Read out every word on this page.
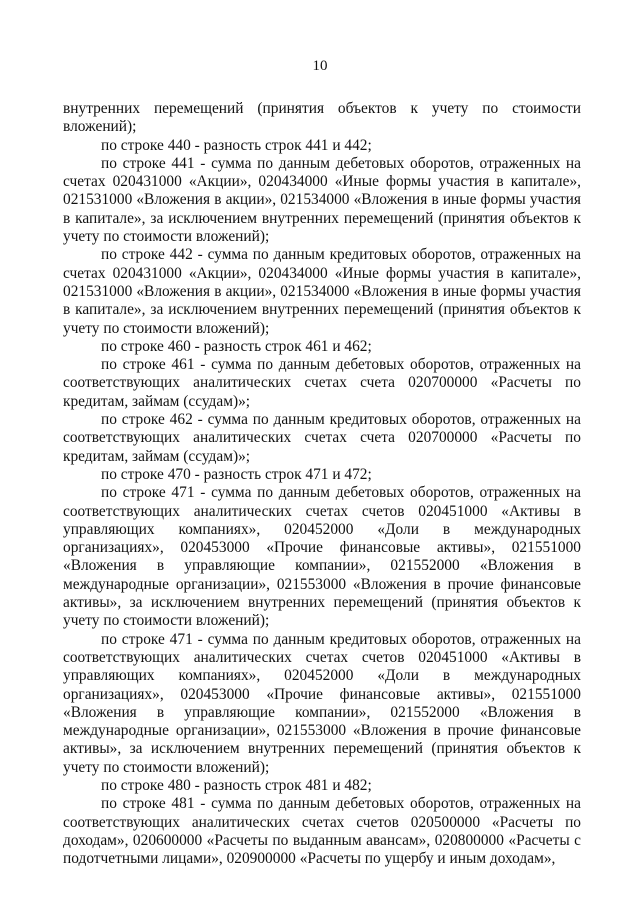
10

внутренних перемещений (принятия объектов к учету по стоимости вложений);

по строке 440 - разность строк 441 и 442;

по строке 441 - сумма по данным дебетовых оборотов, отраженных на счетах 020431000 «Акции», 020434000 «Иные формы участия в капитале», 021531000 «Вложения в акции», 021534000 «Вложения в иные формы участия в капитале», за исключением внутренних перемещений (принятия объектов к учету по стоимости вложений);

по строке 442 - сумма по данным кредитовых оборотов, отраженных на счетах 020431000 «Акции», 020434000 «Иные формы участия в капитале», 021531000 «Вложения в акции», 021534000 «Вложения в иные формы участия в капитале», за исключением внутренних перемещений (принятия объектов к учету по стоимости вложений);

по строке 460 - разность строк 461 и 462;

по строке 461 - сумма по данным дебетовых оборотов, отраженных на соответствующих аналитических счетах счета 020700000 «Расчеты по кредитам, займам (ссудам)»;

по строке 462 - сумма по данным кредитовых оборотов, отраженных на соответствующих аналитических счетах счета 020700000 «Расчеты по кредитам, займам (ссудам)»;

по строке 470 - разность строк 471 и 472;

по строке 471 - сумма по данным дебетовых оборотов, отраженных на соответствующих аналитических счетах счетов 020451000 «Активы в управляющих компаниях», 020452000 «Доли в международных организациях», 020453000 «Прочие финансовые активы», 021551000 «Вложения в управляющие компании», 021552000 «Вложения в международные организации», 021553000 «Вложения в прочие финансовые активы», за исключением внутренних перемещений (принятия объектов к учету по стоимости вложений);

по строке 471 - сумма по данным кредитовых оборотов, отраженных на соответствующих аналитических счетах счетов 020451000 «Активы в управляющих компаниях», 020452000 «Доли в международных организациях», 020453000 «Прочие финансовые активы», 021551000 «Вложения в управляющие компании», 021552000 «Вложения в международные организации», 021553000 «Вложения в прочие финансовые активы», за исключением внутренних перемещений (принятия объектов к учету по стоимости вложений);

по строке 480 - разность строк 481 и 482;

по строке 481 - сумма по данным дебетовых оборотов, отраженных на соответствующих аналитических счетах счетов 020500000 «Расчеты по доходам», 020600000 «Расчеты по выданным авансам», 020800000 «Расчеты с подотчетными лицами», 020900000 «Расчеты по ущербу и иным доходам»,
